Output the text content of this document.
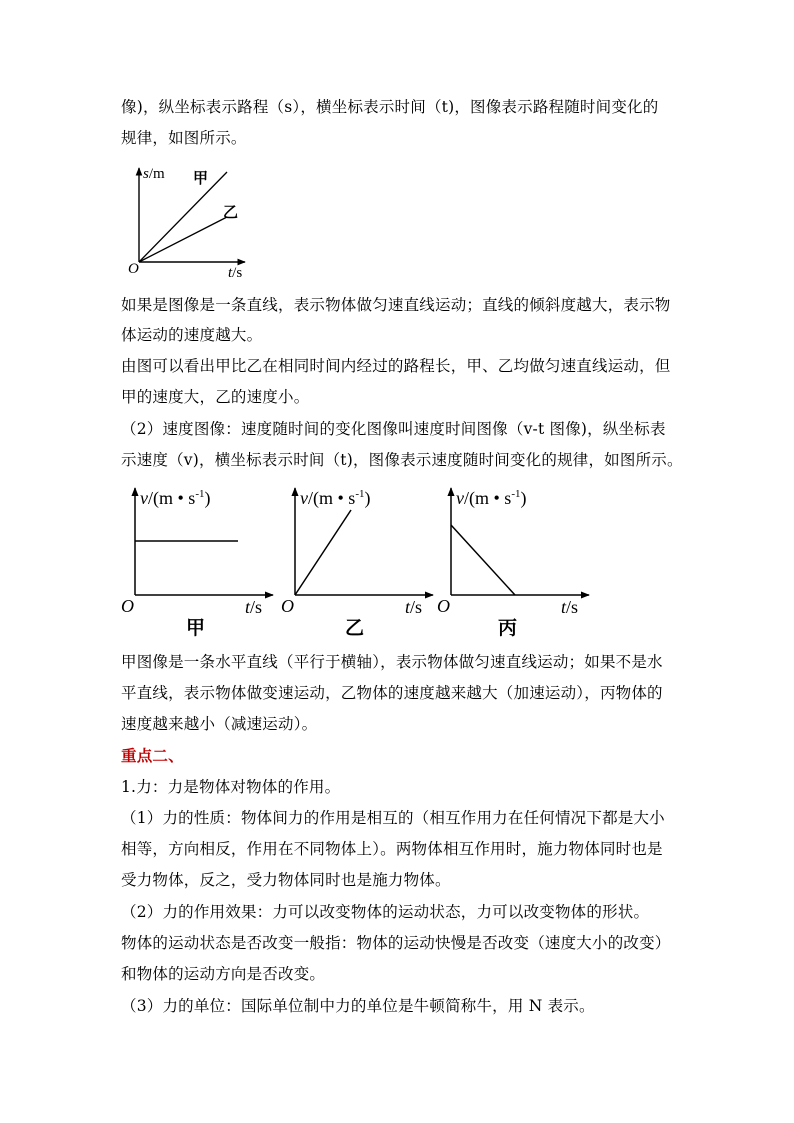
像)，纵坐标表示路程（s），横坐标表示时间（t)，图像表示路程随时间变化的
规律，如图所示。
s/m 甲
乙
O	t/s
如果是图像是一条直线，表示物体做匀速直线运动；直线的倾斜度越大，表示物
体运动的速度越大。
由图可以看出甲比乙在相同时间内经过的路程长，甲、乙均做匀速直线运动，但
甲的速度大，乙的速度小。
（2）速度图像：速度随时间的变化图像叫速度时间图像（v-t 图像)，纵坐标表
示速度（v)，横坐标表示时间（t)，图像表示速度随时间变化的规律，如图所示。
v/(m • $s^{-1}$)
O	t/s
甲
v/(m • $s^{-1}$)
O	t/s
乙
v/(m • $s^{-1}$)
O	t/s
丙
甲图像是一条水平直线（平行于横轴），表示物体做匀速直线运动；如果不是水
平直线，表示物体做变速运动，乙物体的速度越来越大（加速运动），丙物体的
速度越来越小（减速运动）。
重点二、
1.力：力是物体对物体的作用。
（1）力的性质：物体间力的作用是相互的（相互作用力在任何情况下都是大小
相等，方向相反，作用在不同物体上）。两物体相互作用时，施力物体同时也是
受力物体，反之，受力物体同时也是施力物体。
（2）力的作用效果：力可以改变物体的运动状态，力可以改变物体的形状。
物体的运动状态是否改变一般指：物体的运动快慢是否改变（速度大小的改变）
和物体的运动方向是否改变。
（3）力的单位：国际单位制中力的单位是牛顿简称牛，用 N 表示。
